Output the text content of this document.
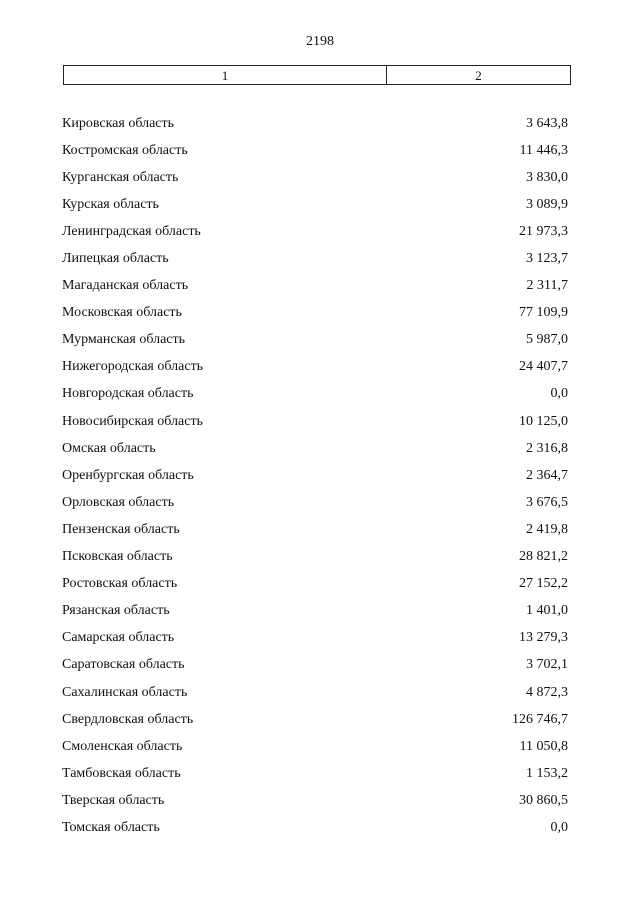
2198
1	2
Кировская область	3 643,8
Костромская область	11 446,3
Курганская область	3 830,0
Курская область	3 089,9
Ленинградская область	21 973,3
Липецкая область	3 123,7
Магаданская область	2 311,7
Московская область	77 109,9
Мурманская область	5 987,0
Нижегородская область	24 407,7
Новгородская область	0,0
Новосибирская область	10 125,0
Омская область	2 316,8
Оренбургская область	2 364,7
Орловская область	3 676,5
Пензенская область	2 419,8
Псковская область	28 821,2
Ростовская область	27 152,2
Рязанская область	1 401,0
Самарская область	13 279,3
Саратовская область	3 702,1
Сахалинская область	4 872,3
Свердловская область	126 746,7
Смоленская область	11 050,8
Тамбовская область	1 153,2
Тверская область	30 860,5
Томская область	0,0
